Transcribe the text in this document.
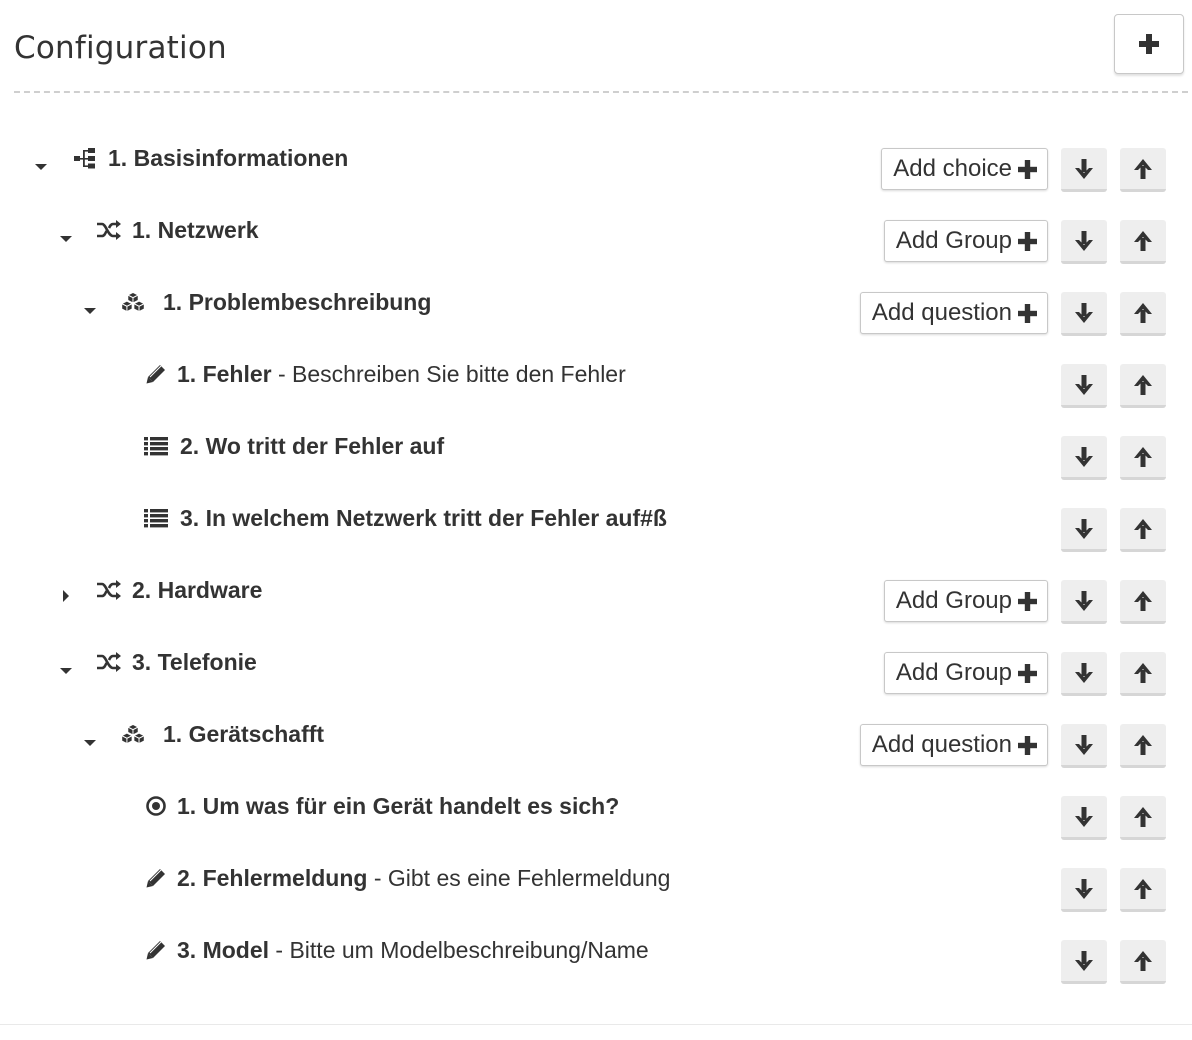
Configuration
1. Basisinformationen	Add choice
1. Netzwerk	Add Group
1. Problembeschreibung	Add question
1. Fehler - Beschreiben Sie bitte den Fehler
2. Wo tritt der Fehler auf
3. In welchem Netzwerk tritt der Fehler auf#ß
2. Hardware	Add Group
3. Telefonie	Add Group
1. Gerätschafft	Add question
1. Um was für ein Gerät handelt es sich?
2. Fehlermeldung - Gibt es eine Fehlermeldung
3. Model - Bitte um Modelbeschreibung/Name
